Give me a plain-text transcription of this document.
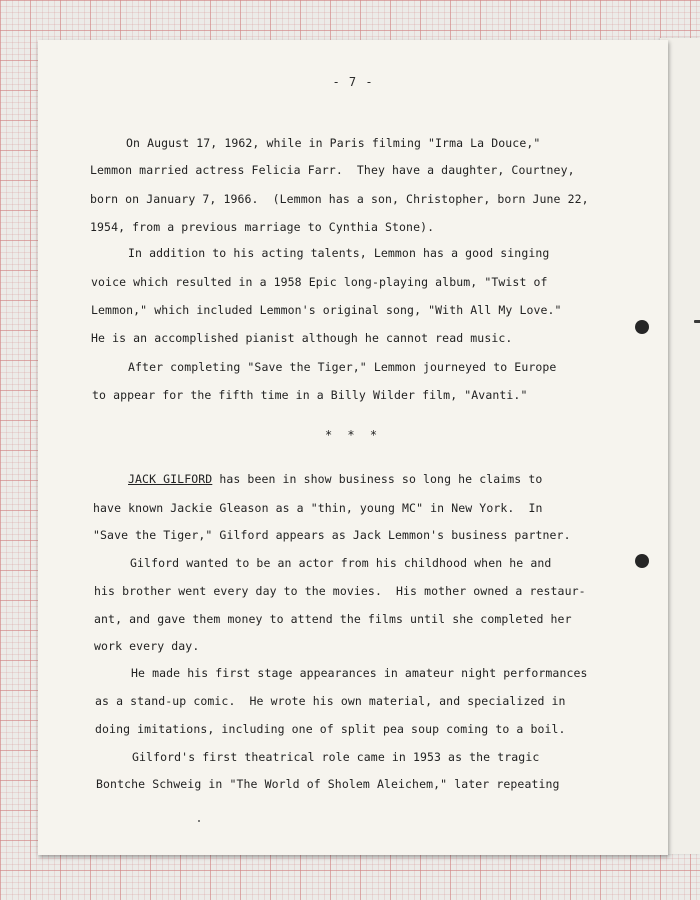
- 7 -
On August 17, 1962, while in Paris filming "Irma La Douce,"
Lemmon married actress Felicia Farr.  They have a daughter, Courtney,
born on January 7, 1966.  (Lemmon has a son, Christopher, born June 22,
1954, from a previous marriage to Cynthia Stone).
In addition to his acting talents, Lemmon has a good singing
voice which resulted in a 1958 Epic long-playing album, "Twist of
Lemmon," which included Lemmon's original song, "With All My Love."
He is an accomplished pianist although he cannot read music.
After completing "Save the Tiger," Lemmon journeyed to Europe
to appear for the fifth time in a Billy Wilder film, "Avanti."
* * *
JACK GILFORD has been in show business so long he claims to
have known Jackie Gleason as a "thin, young MC" in New York.  In
"Save the Tiger," Gilford appears as Jack Lemmon's business partner.
Gilford wanted to be an actor from his childhood when he and
his brother went every day to the movies.  His mother owned a restaur-
ant, and gave them money to attend the films until she completed her
work every day.
He made his first stage appearances in amateur night performances
as a stand-up comic.  He wrote his own material, and specialized in
doing imitations, including one of split pea soup coming to a boil.
Gilford's first theatrical role came in 1953 as the tragic
Bontche Schweig in "The World of Sholem Aleichem," later repeating
